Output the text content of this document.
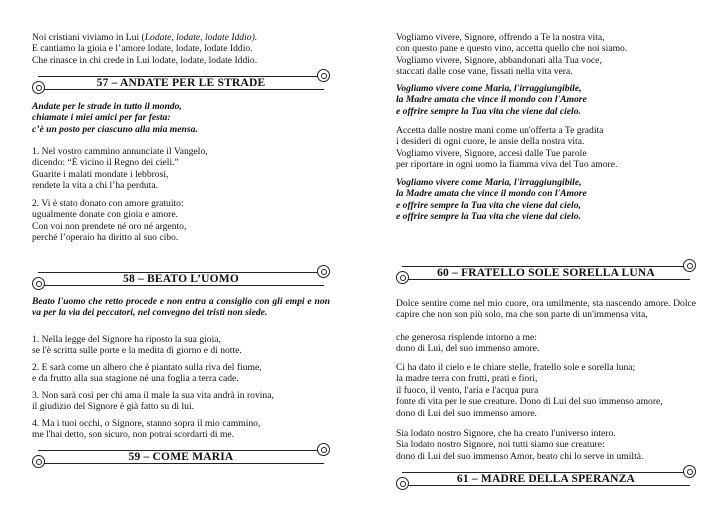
Noi cristiani viviamo in Lui (Lodate, lodate, lodate Iddio).
E cantiamo la gioia e l’amore lodate, lodate, lodate Iddio.
Che rinasce in chi crede in Lui lodate, lodate, lodate Iddio.
57 – ANDATE PER LE STRADE
Andate per le strade in tutto il mondo,
chiamate i miei amici per far festa:
c’è un posto per ciascuno alla mia mensa.
1. Nel vostro cammino annunciate il Vangelo,
dicendo: “È vicino il Regno dei cieli.”
Guarite i malati mondate i lebbrosi,
rendete la vita a chi l’ha perduta.
2. Vi è stato donato con amore gratuito:
ugualmente donate con gioia e amore.
Con voi non prendete né oro né argento,
perché l’operaio ha diritto al suo cibo.
58 – BEATO L’UOMO
Beato l'uomo che retto procede e non entra a consiglio con gli empi e non va per la via dei peccatori, nel convegno dei tristi non siede.
1. Nella legge del Signore ha riposto la sua gioia,
se l'è scritta sulle porte e la medita di giorno e di notte.
2. E sarà come un albero che è piantato sulla riva del fiume,
e da frutto alla sua stagione né una foglia a terra cade.
3. Non sarà così per chi ama il male la sua vita andrà in rovina,
il giudizio del Signore è già fatto su di lui.
4. Ma i tuoi occhi, o Signore, stanno sopra il mio cammino,
me l'hai detto, son sicuro, non potrai scordarti di me.
59 – COME MARIA
Vogliamo vivere, Signore, offrendo a Te la nostra vita,
con questo pane e questo vino, accetta quello che noi siamo.
Vogliamo vivere, Signore, abbandonati alla Tua voce,
staccati dalle cose vane, fissati nella vita vera.
Vogliamo vivere come Maria, l'irraggiungibile,
la Madre amata che vince il mondo con l'Amore
e offrire sempre la Tua vita che viene dal cielo.
Accetta dalle nostre mani come un'offerta a Te gradita
i desideri di ogni cuore, le ansie della nostra vita.
Vogliamo vivere, Signore, accesi dalle Tue parole
per riportare in ogni uomo la fiamma viva del Tuo amore.
Vogliamo vivere come Maria, l'irraggiungibile,
la Madre amata che vince il mondo con l'Amore
e offrire sempre la Tua vita che viene dal cielo,
e offrire sempre la Tua vita che viene dal cielo.
60 – FRATELLO SOLE SORELLA LUNA
Dolce sentire come nel mio cuore, ora umilmente, sta nascendo amore. Dolce capire che non son più solo, ma che son parte di un'immensa vita,
che generosa risplende intorno a me:
dono di Lui, del suo immenso amore.
Ci ha dato il cielo e le chiare stelle, fratello sole e sorella luna;
la madre terra con frutti, prati e fiori,
il fuoco, il vento, l'aria e l'acqua pura
fonte di vita per le sue creature. Dono di Lui del suo immenso amore,
dono di Lui del suo immenso amore.
Sia lodato nostro Signore, che ha creato l'universo intero.
Sia lodato nostro Signore, noi tutti siamo sue creature:
dono di Lui del suo immenso Amor, beato chi lo serve in umiltà.
61 – MADRE DELLA SPERANZA
